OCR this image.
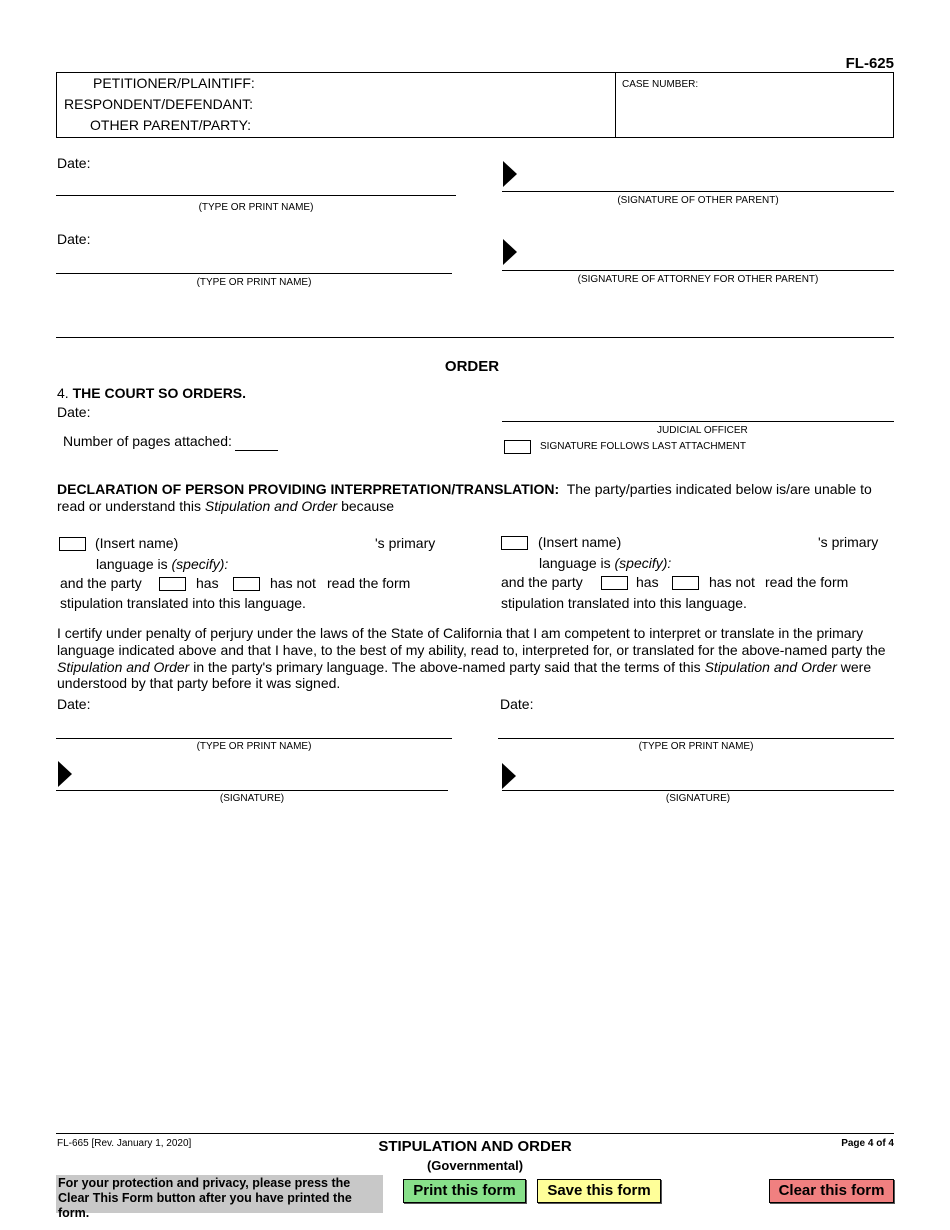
FL-625
PETITIONER/PLAINTIFF:
RESPONDENT/DEFENDANT:
OTHER PARENT/PARTY:
CASE NUMBER:
Date:
(TYPE OR PRINT NAME)
(SIGNATURE OF OTHER PARENT)
Date:
(TYPE OR PRINT NAME)	(SIGNATURE OF ATTORNEY FOR OTHER PARENT)
ORDER
4. THE COURT SO ORDERS.
Date:
Number of pages attached:
JUDICIAL OFFICER
SIGNATURE FOLLOWS LAST ATTACHMENT
DECLARATION OF PERSON PROVIDING INTERPRETATION/TRANSLATION: The party/parties indicated below is/are unable to read or understand this Stipulation and Order because
(Insert name)	's primary
language is (specify):
and the party	has	has not read the form
stipulation translated into this language.
(Insert name)	's primary
language is (specify):
and the party	has	has not read the form
stipulation translated into this language.
I certify under penalty of perjury under the laws of the State of California that I am competent to interpret or translate in the primary language indicated above and that I have, to the best of my ability, read to, interpreted for, or translated for the above-named party the Stipulation and Order in the party's primary language. The above-named party said that the terms of this Stipulation and Order were understood by that party before it was signed.
Date:	Date:
(TYPE OR PRINT NAME)	(TYPE OR PRINT NAME)
(SIGNATURE)	(SIGNATURE)
FL-665 [Rev. January 1, 2020]	STIPULATION AND ORDER
(Governmental)
Page 4 of 4
For your protection and privacy, please press the Clear This Form button after you have printed the form.
Print this form	Save this form	Clear this form
